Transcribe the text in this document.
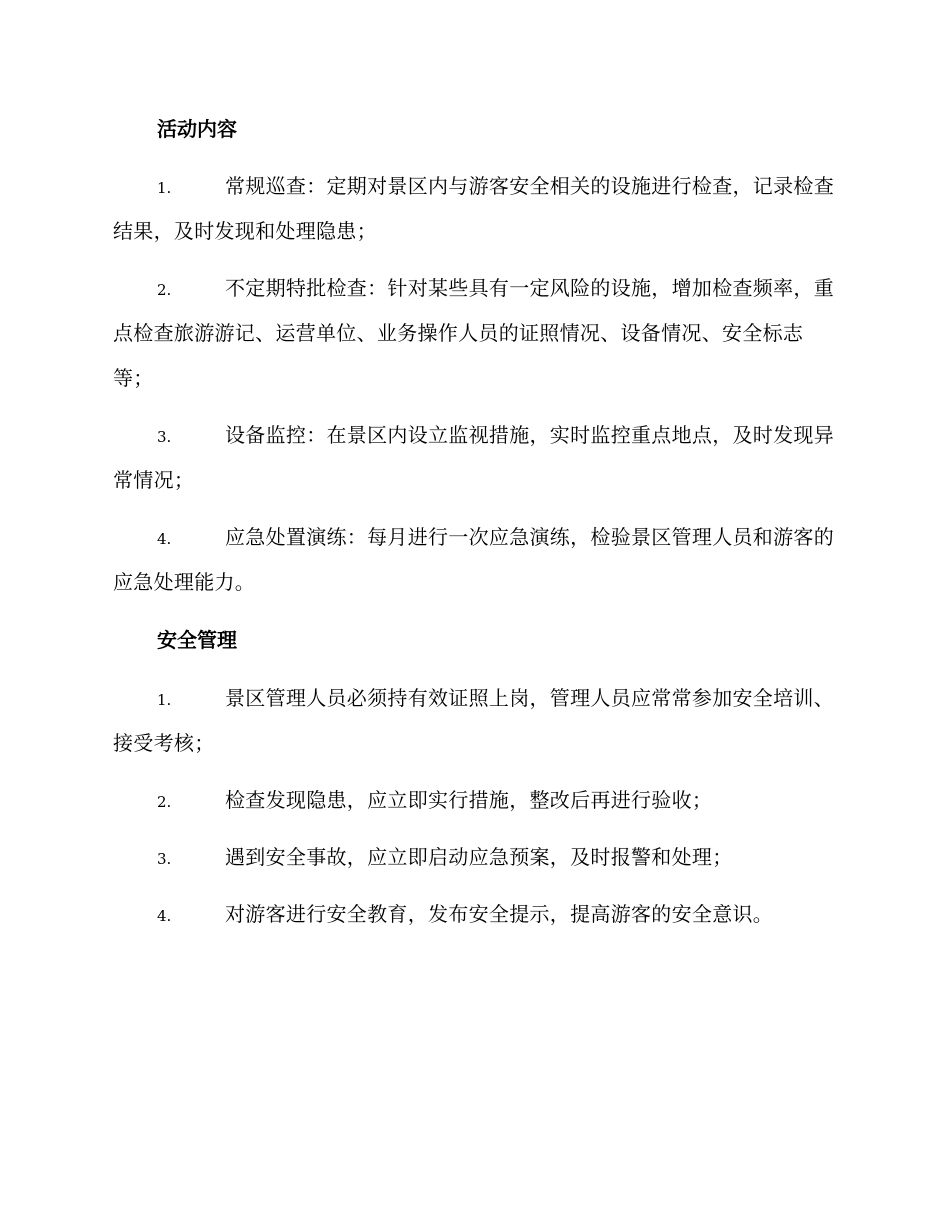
活动内容
1.	常规巡查：定期对景区内与游客安全相关的设施进行检查，记录检查结果，及时发现和处理隐患；

2.	不定期特批检查：针对某些具有一定风险的设施，增加检查频率，重点检查旅游游记、运营单位、业务操作人员的证照情况、设备情况、安全标志等；

3.	设备监控：在景区内设立监视措施，实时监控重点地点，及时发现异常情况；

4.	应急处置演练：每月进行一次应急演练，检验景区管理人员和游客的应急处理能力。

安全管理
1.	景区管理人员必须持有效证照上岗，管理人员应常常参加安全培训、接受考核；

2.	检查发现隐患，应立即实行措施，整改后再进行验收；

3.	遇到安全事故，应立即启动应急预案，及时报警和处理；

4.	对游客进行安全教育，发布安全提示，提高游客的安全意识。
